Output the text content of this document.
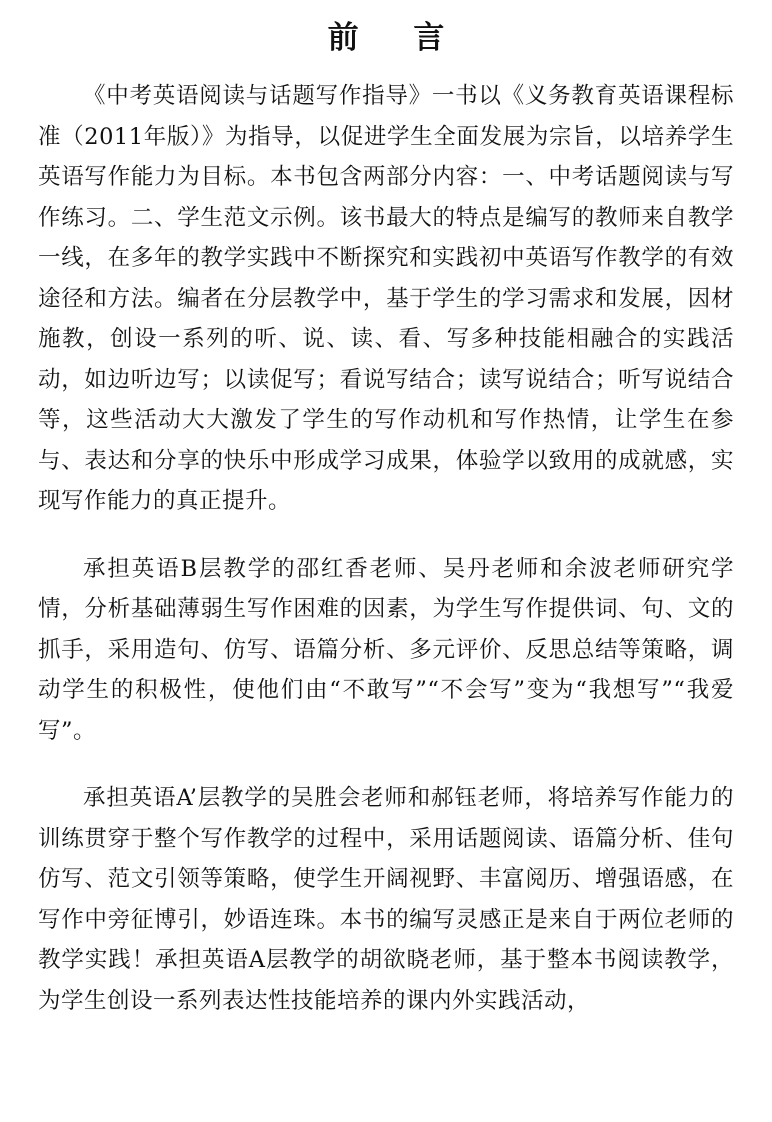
前 言

《中考英语阅读与话题写作指导》一书以《义务教育英语课程标准（2011年版）》为指导，以促进学生全面发展为宗旨，以培养学生英语写作能力为目标。本书包含两部分内容：一、中考话题阅读与写作练习。二、学生范文示例。该书最大的特点是编写的教师来自教学一线，在多年的教学实践中不断探究和实践初中英语写作教学的有效途径和方法。编者在分层教学中，基于学生的学习需求和发展，因材施教，创设一系列的听、说、读、看、写多种技能相融合的实践活动，如边听边写；以读促写；看说写结合；读写说结合；听写说结合等，这些活动大大激发了学生的写作动机和写作热情，让学生在参与、表达和分享的快乐中形成学习成果，体验学以致用的成就感，实现写作能力的真正提升。

承担英语B层教学的邵红香老师、吴丹老师和余波老师研究学情，分析基础薄弱生写作困难的因素，为学生写作提供词、句、文的抓手，采用造句、仿写、语篇分析、多元评价、反思总结等策略，调动学生的积极性，使他们由“不敢写”“不会写”变为“我想写”“我爱写”。

承担英语A’层教学的吴胜会老师和郝钰老师，将培养写作能力的训练贯穿于整个写作教学的过程中，采用话题阅读、语篇分析、佳句仿写、范文引领等策略，使学生开阔视野、丰富阅历、增强语感，在写作中旁征博引，妙语连珠。本书的编写灵感正是来自于两位老师的教学实践！承担英语A层教学的胡欲晓老师，基于整本书阅读教学，为学生创设一系列表达性技能培养的课内外实践活动，
